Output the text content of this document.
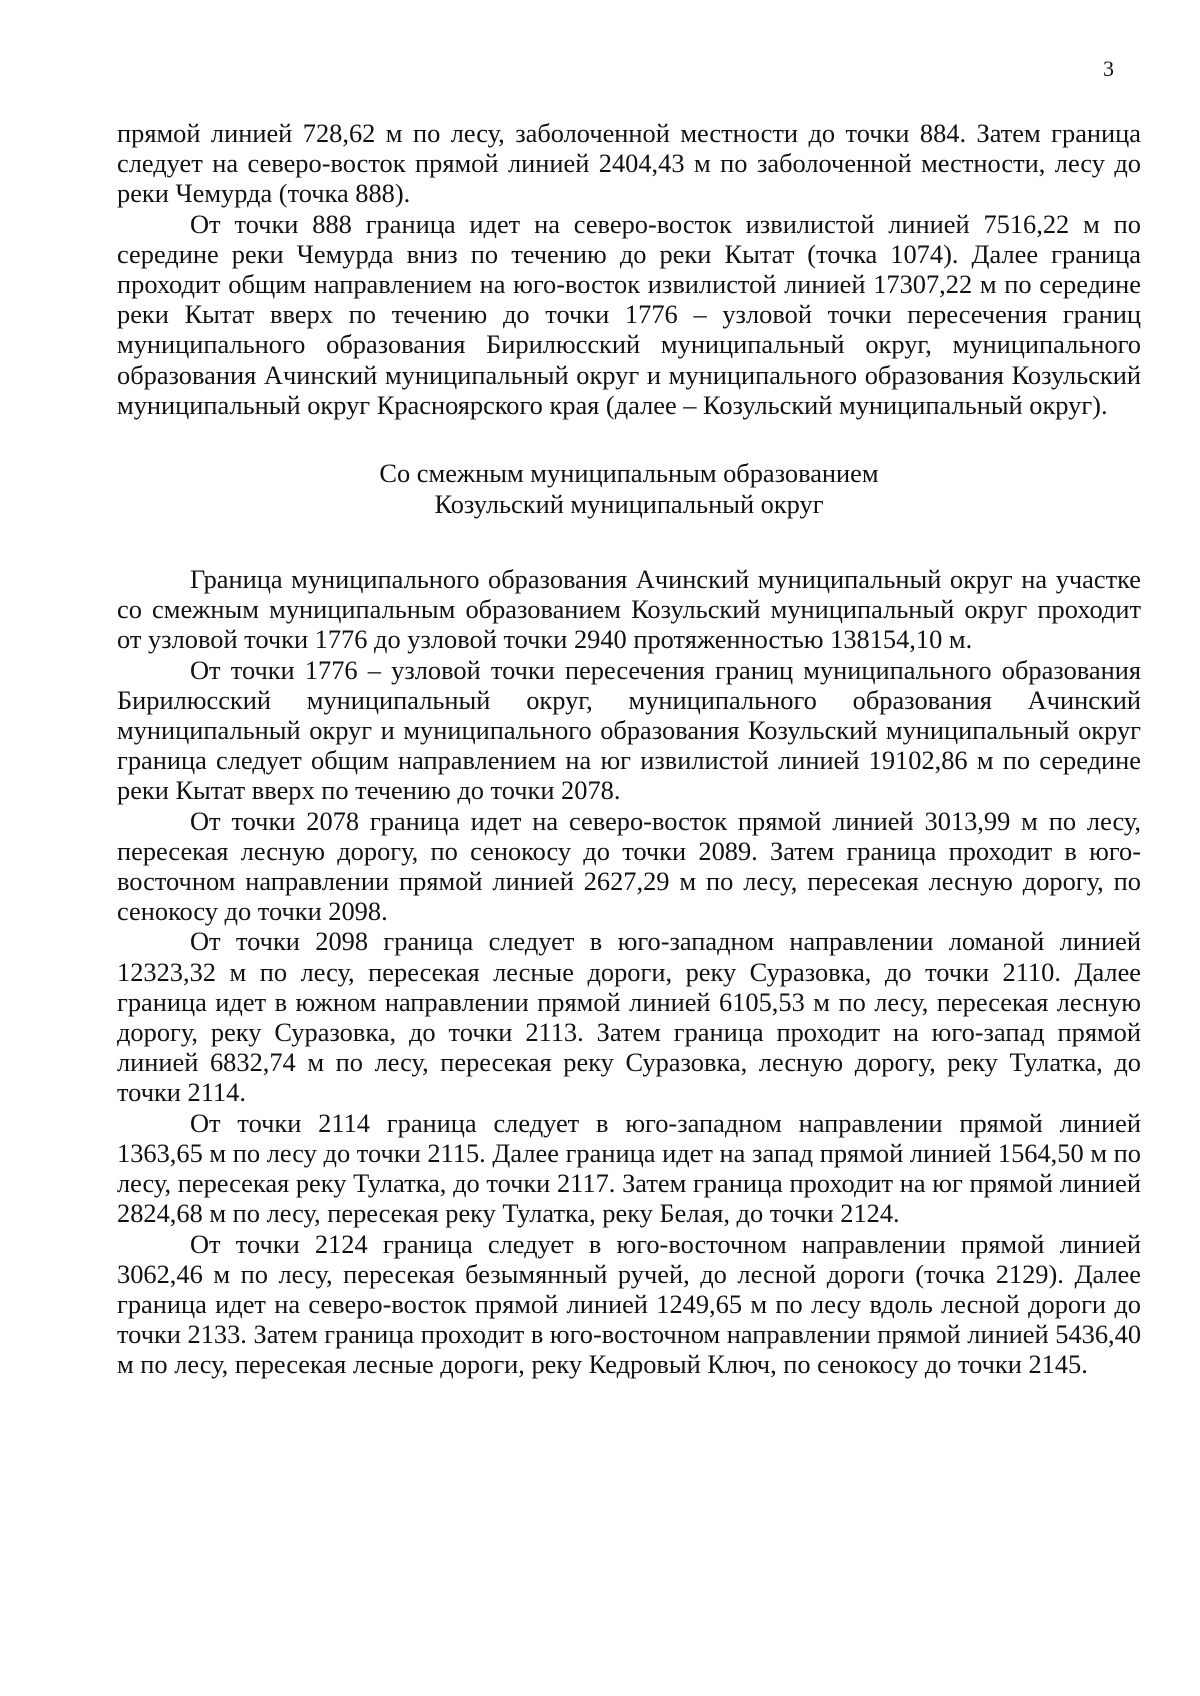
3

прямой линией 728,62 м по лесу, заболоченной местности до точки 884. Затем граница следует на северо-восток прямой линией 2404,43 м по заболоченной местности, лесу до реки Чемурда (точка 888).

От точки 888 граница идет на северо-восток извилистой линией 7516,22 м по середине реки Чемурда вниз по течению до реки Кытат (точка 1074). Далее граница проходит общим направлением на юго-восток извилистой линией 17307,22 м по середине реки Кытат вверх по течению до точки 1776 – узловой точки пересечения границ муниципального образования Бирилюсский муниципальный округ, муниципального образования Ачинский муниципальный округ и муниципального образования Козульский муниципальный округ Красноярского края (далее – Козульский муниципальный округ).

Со смежным муниципальным образованием
Козульский муниципальный округ

Граница муниципального образования Ачинский муниципальный округ на участке со смежным муниципальным образованием Козульский муниципальный округ проходит от узловой точки 1776 до узловой точки 2940 протяженностью 138154,10 м.

От точки 1776 – узловой точки пересечения границ муниципального образования Бирилюсский муниципальный округ, муниципального образования Ачинский муниципальный округ и муниципального образования Козульский муниципальный округ граница следует общим направлением на юг извилистой линией 19102,86 м по середине реки Кытат вверх по течению до точки 2078.

От точки 2078 граница идет на северо-восток прямой линией 3013,99 м по лесу, пересекая лесную дорогу, по сенокосу до точки 2089. Затем граница проходит в юго-восточном направлении прямой линией 2627,29 м по лесу, пересекая лесную дорогу, по сенокосу до точки 2098.

От точки 2098 граница следует в юго-западном направлении ломаной линией 12323,32 м по лесу, пересекая лесные дороги, реку Суразовка, до точки 2110. Далее граница идет в южном направлении прямой линией 6105,53 м по лесу, пересекая лесную дорогу, реку Суразовка, до точки 2113. Затем граница проходит на юго-запад прямой линией 6832,74 м по лесу, пересекая реку Суразовка, лесную дорогу, реку Тулатка, до точки 2114.

От точки 2114 граница следует в юго-западном направлении прямой линией 1363,65 м по лесу до точки 2115. Далее граница идет на запад прямой линией 1564,50 м по лесу, пересекая реку Тулатка, до точки 2117. Затем граница проходит на юг прямой линией 2824,68 м по лесу, пересекая реку Тулатка, реку Белая, до точки 2124.

От точки 2124 граница следует в юго-восточном направлении прямой линией 3062,46 м по лесу, пересекая безымянный ручей, до лесной дороги (точка 2129). Далее граница идет на северо-восток прямой линией 1249,65 м по лесу вдоль лесной дороги до точки 2133. Затем граница проходит в юго-восточном направлении прямой линией 5436,40 м по лесу, пересекая лесные дороги, реку Кедровый Ключ, по сенокосу до точки 2145.
